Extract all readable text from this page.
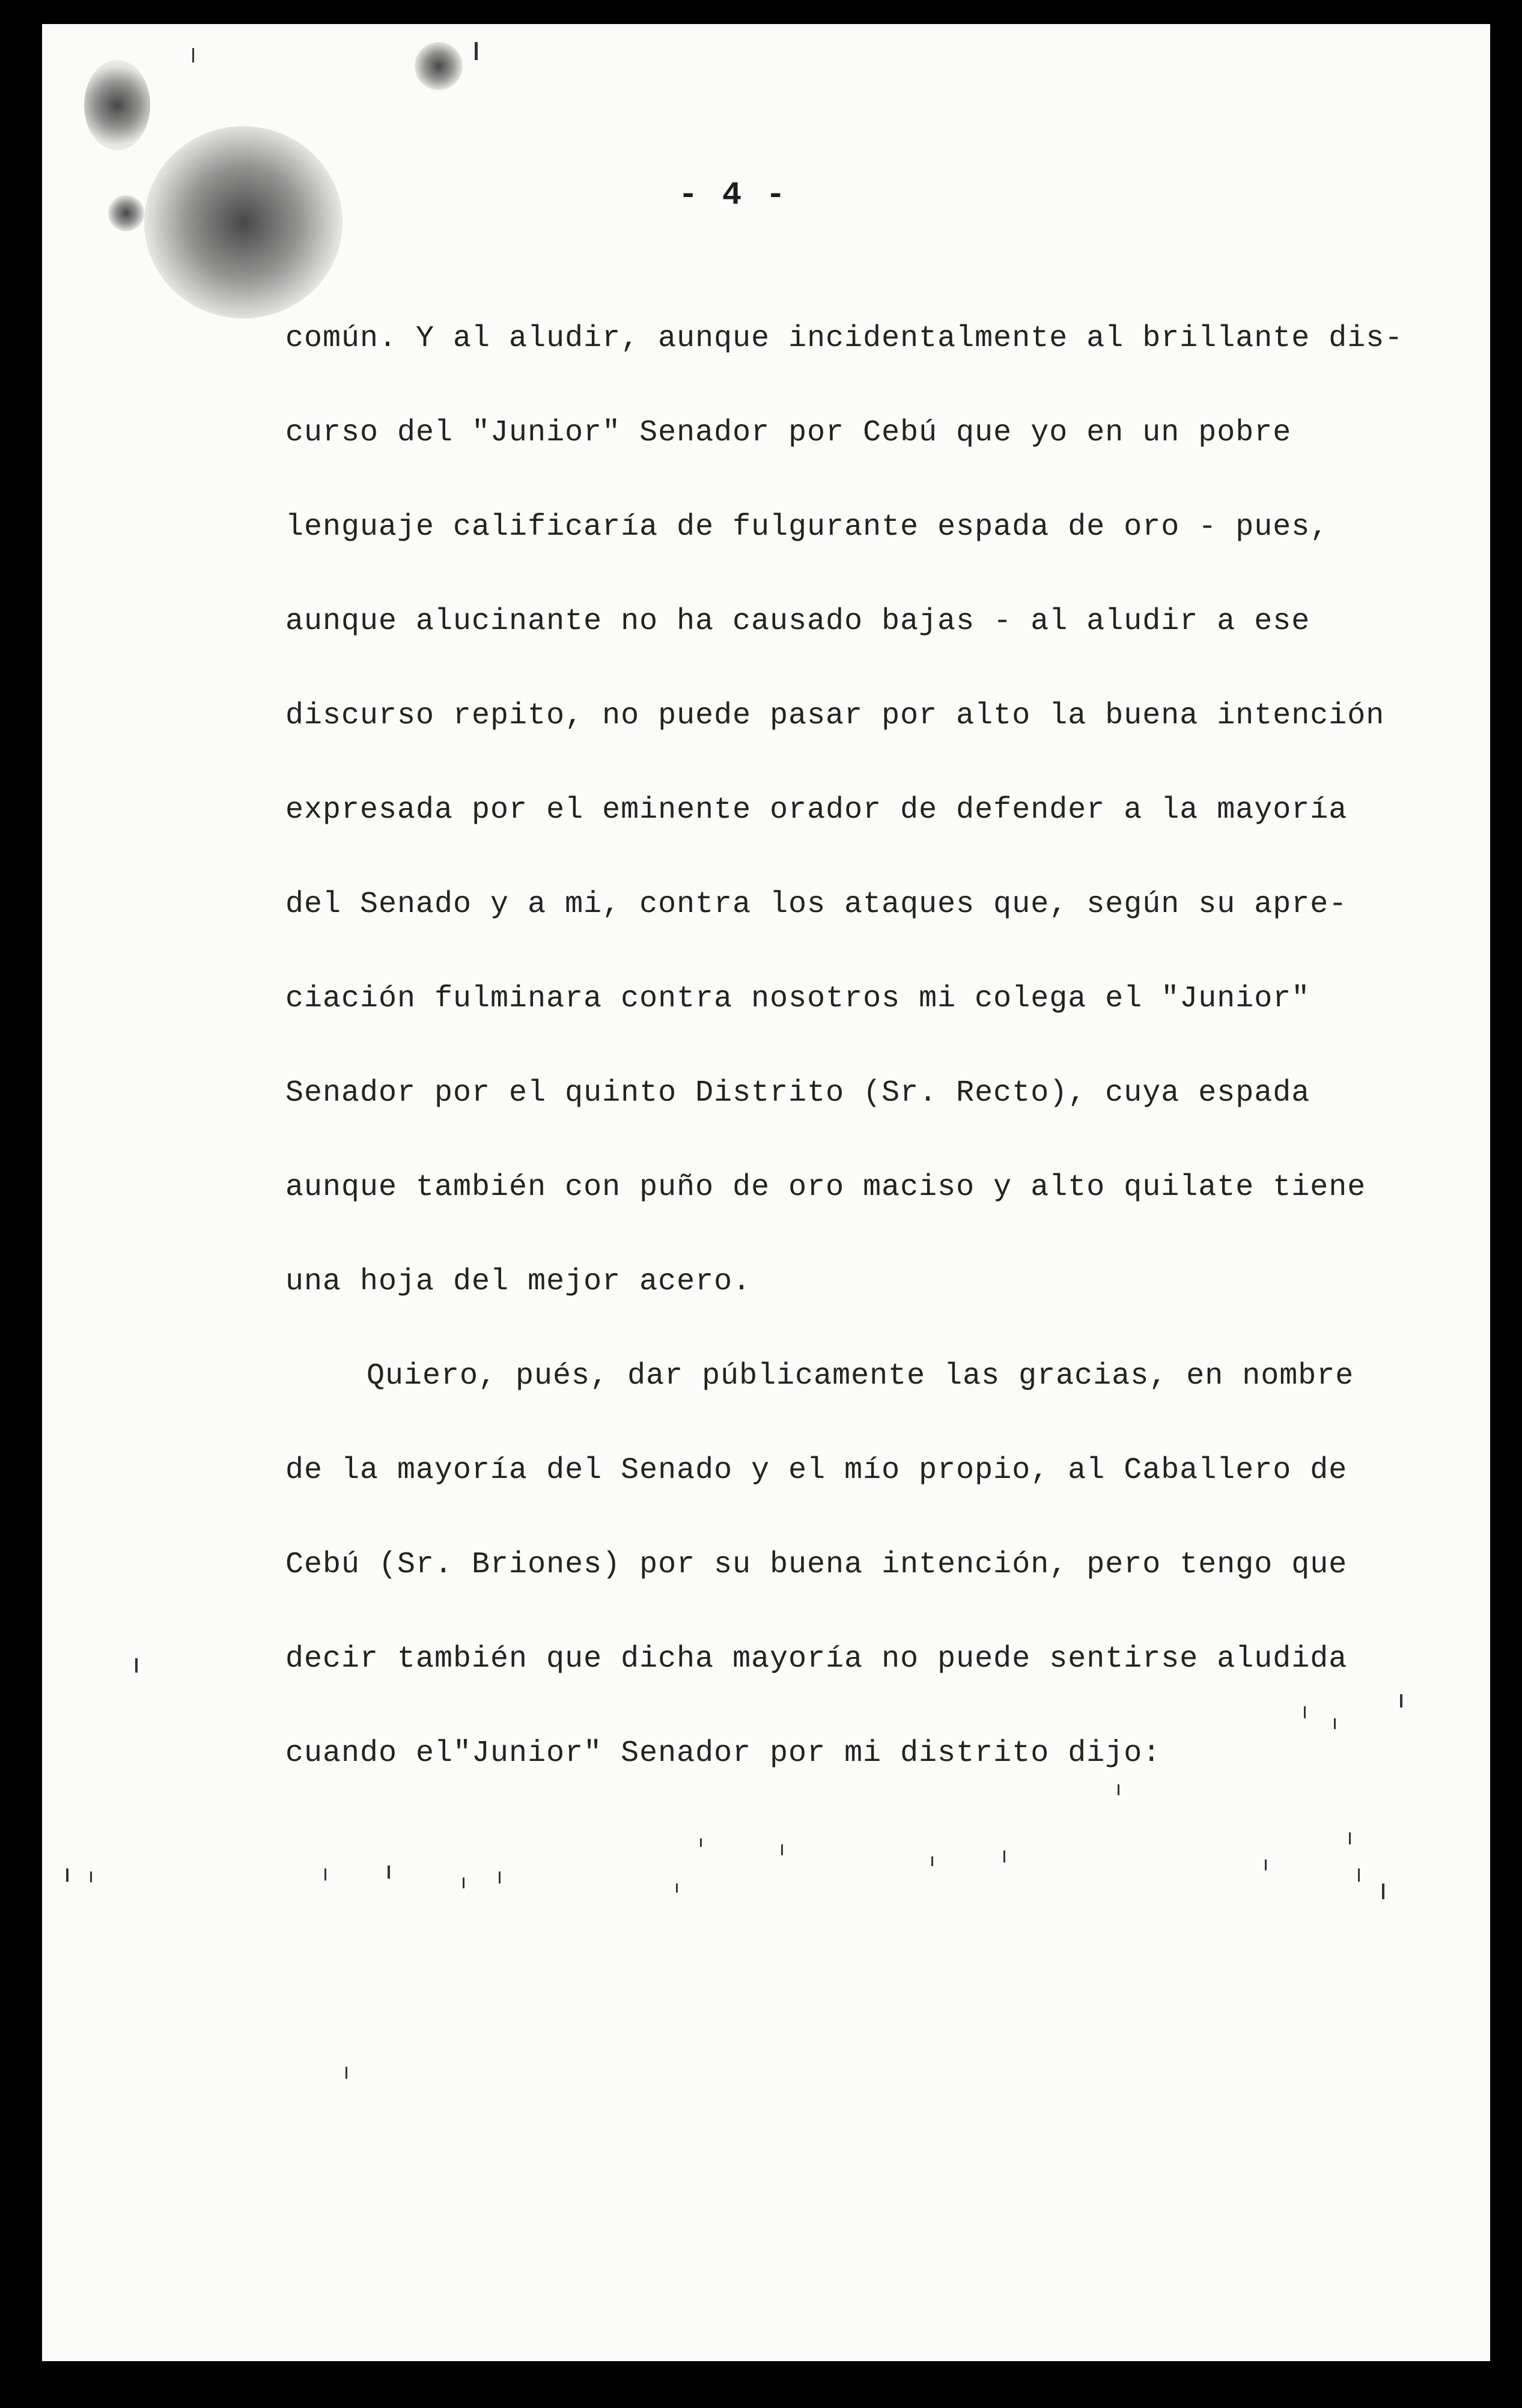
- 4 -
común. Y al aludir, aunque incidentalmente al brillante dis-
curso del "Junior" Senador por Cebú que yo en un pobre
lenguaje calificaría de fulgurante espada de oro - pues,
aunque alucinante no ha causado bajas - al aludir a ese
discurso repito, no puede pasar por alto la buena intención
expresada por el eminente orador de defender a la mayoría
del Senado y a mi, contra los ataques que, según su apre-
ciación fulminara contra nosotros mi colega el "Junior"
Senador por el quinto Distrito (Sr. Recto), cuya espada
aunque también con puño de oro maciso y alto quilate tiene
una hoja del mejor acero.
Quiero, pués, dar públicamente las gracias, en nombre
de la mayoría del Senado y el mío propio, al Caballero de
Cebú (Sr. Briones) por su buena intención, pero tengo que
decir también que dicha mayoría no puede sentirse aludida
cuando el"Junior" Senador por mi distrito dijo:
